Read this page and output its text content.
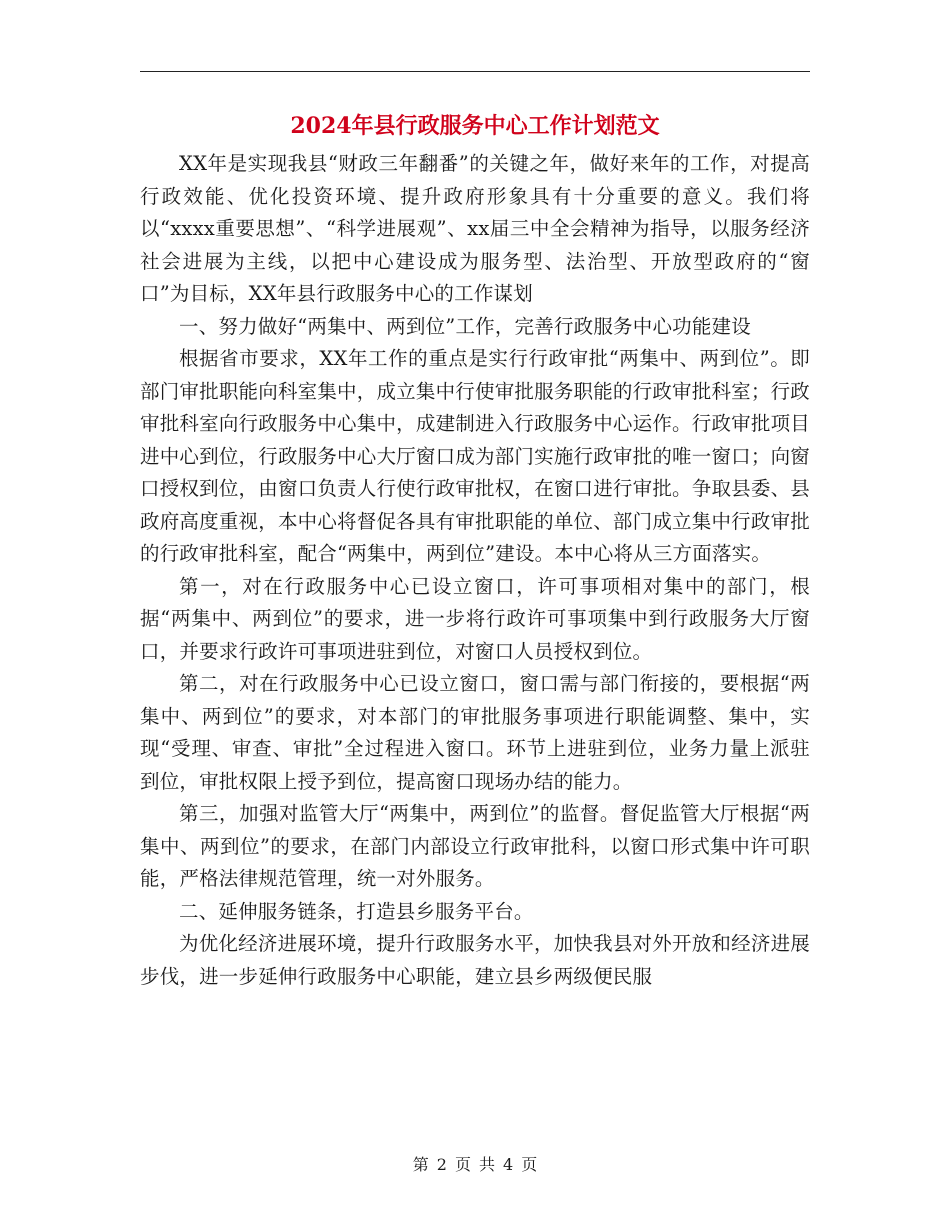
2024年县行政服务中心工作计划范文

XX年是实现我县“财政三年翻番”的关键之年，做好来年的工作，对提高行政效能、优化投资环境、提升政府形象具有十分重要的意义。我们将以“xxxx重要思想”、“科学进展观”、xx届三中全会精神为指导，以服务经济社会进展为主线，以把中心建设成为服务型、法治型、开放型政府的“窗口”为目标，XX年县行政服务中心的工作谋划

一、努力做好“两集中、两到位”工作，完善行政服务中心功能建设

根据省市要求，XX年工作的重点是实行行政审批“两集中、两到位”。即部门审批职能向科室集中，成立集中行使审批服务职能的行政审批科室；行政审批科室向行政服务中心集中，成建制进入行政服务中心运作。行政审批项目进中心到位，行政服务中心大厅窗口成为部门实施行政审批的唯一窗口；向窗口授权到位，由窗口负责人行使行政审批权，在窗口进行审批。争取县委、县政府高度重视，本中心将督促各具有审批职能的单位、部门成立集中行政审批的行政审批科室，配合“两集中，两到位”建设。本中心将从三方面落实。

第一，对在行政服务中心已设立窗口，许可事项相对集中的部门，根据“两集中、两到位”的要求，进一步将行政许可事项集中到行政服务大厅窗口，并要求行政许可事项进驻到位，对窗口人员授权到位。

第二，对在行政服务中心已设立窗口，窗口需与部门衔接的，要根据“两集中、两到位”的要求，对本部门的审批服务事项进行职能调整、集中，实现“受理、审查、审批”全过程进入窗口。环节上进驻到位，业务力量上派驻到位，审批权限上授予到位，提高窗口现场办结的能力。

第三，加强对监管大厅“两集中，两到位”的监督。督促监管大厅根据“两集中、两到位”的要求，在部门内部设立行政审批科，以窗口形式集中许可职能，严格法律规范管理，统一对外服务。

二、延伸服务链条，打造县乡服务平台。

为优化经济进展环境，提升行政服务水平，加快我县对外开放和经济进展步伐，进一步延伸行政服务中心职能，建立县乡两级便民服

第 2 页 共 4 页
